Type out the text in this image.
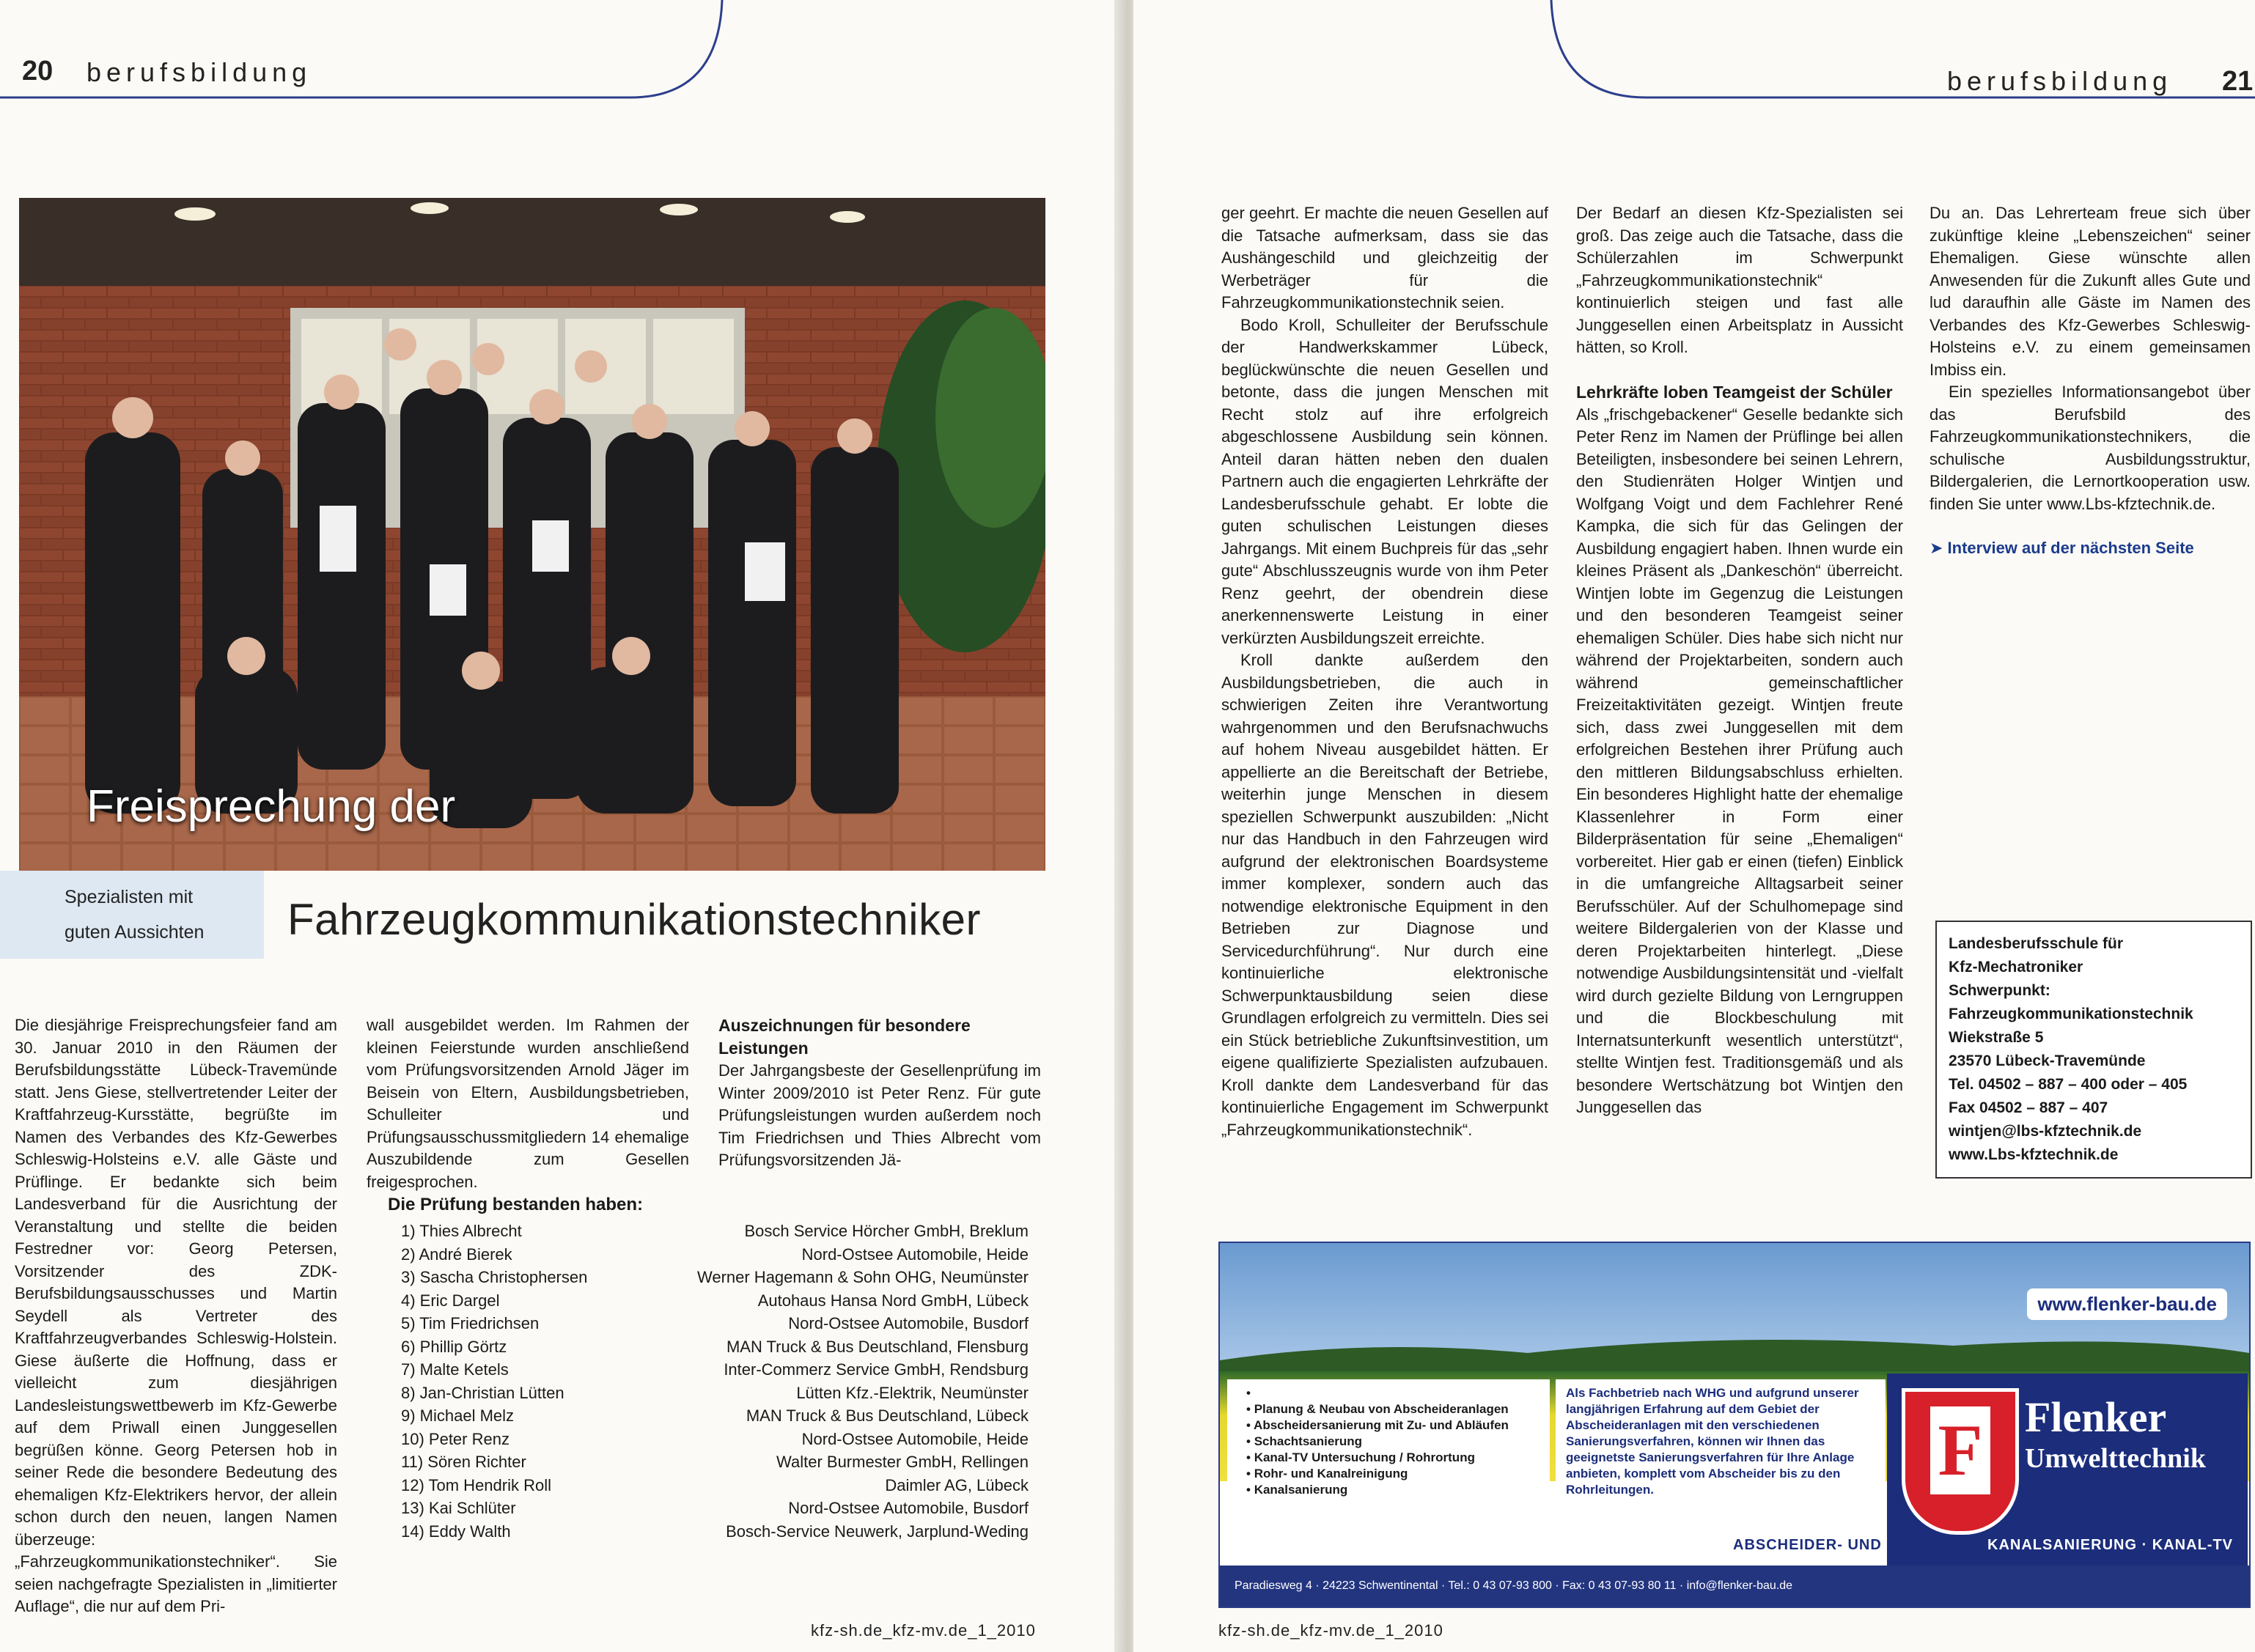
20 berufsbildung
Freisprechung der
Spezialisten mit
guten Aussichten Fahrzeugkommunikationstechniker

Die diesjährige Freisprechungsfeier fand am 30. Januar 2010 in den Räumen der Berufsbildungsstätte Lübeck-Travemünde statt. Jens Giese, stellvertretender Leiter der Kraftfahrzeug-Kursstätte, begrüßte im Namen des Verbandes des Kfz-Gewerbes Schleswig-Holsteins e.V. alle Gäste und Prüflinge. Er bedankte sich beim Landesverband für die Ausrichtung der Veranstaltung und stellte die beiden Festredner vor: Georg Petersen, Vorsitzender des ZDK-Berufsbildungsausschusses und Martin Seydell als Vertreter des Kraftfahrzeugverbandes Schleswig-Holstein. Giese äußerte die Hoffnung, dass er vielleicht zum diesjährigen Landesleistungswettbewerb im Kfz-Gewerbe auf dem Priwall einen Junggesellen begrüßen könne. Georg Petersen hob in seiner Rede die besondere Bedeutung des ehemaligen Kfz-Elektrikers hervor, der allein schon durch den neuen, langen Namen überzeuge: „Fahrzeugkommunikationstechniker“. Sie seien nachgefragte Spezialisten in „limitierter Auflage“, die nur auf dem Pri-

wall ausgebildet werden. Im Rahmen der kleinen Feierstunde wurden anschließend vom Prüfungsvorsitzenden Arnold Jäger im Beisein von Eltern, Ausbildungsbetrieben, Schulleiter und Prüfungsausschussmitgliedern 14 ehemalige Auszubildende zum Gesellen freigesprochen.

Auszeichnungen für besondere Leistungen

Der Jahrgangsbeste der Gesellenprüfung im Winter 2009/2010 ist Peter Renz. Für gute Prüfungsleistungen wurden außerdem noch Tim Friedrichsen und Thies Albrecht vom Prüfungsvorsitzenden Jä-

Die Prüfung bestanden haben:
1) Thies Albrecht	Bosch Service Hörcher GmbH, Breklum
2) André Bierek	Nord-Ostsee Automobile, Heide
3) Sascha Christophersen	Werner Hagemann & Sohn OHG, Neumünster
4) Eric Dargel	Autohaus Hansa Nord GmbH, Lübeck
5) Tim Friedrichsen	Nord-Ostsee Automobile, Busdorf
6) Phillip Görtz	MAN Truck & Bus Deutschland, Flensburg
7) Malte Ketels	Inter-Commerz Service GmbH, Rendsburg
8) Jan-Christian Lütten	Lütten Kfz.-Elektrik, Neumünster
9) Michael Melz	MAN Truck & Bus Deutschland, Lübeck
10) Peter Renz	Nord-Ostsee Automobile, Heide
11) Sören Richter	Walter Burmester GmbH, Rellingen
12) Tom Hendrik Roll	Daimler AG, Lübeck
13) Kai Schlüter	Nord-Ostsee Automobile, Busdorf
14) Eddy Walth	Bosch-Service Neuwerk, Jarplund-Weding
kfz-sh.de_kfz-mv.de_1_2010
berufsbildung 21

ger geehrt. Er machte die neuen Gesellen auf die Tatsache aufmerksam, dass sie das Aushängeschild und gleichzeitig der Werbeträger für die Fahrzeugkommunikationstechnik seien.

Bodo Kroll, Schulleiter der Berufsschule der Handwerkskammer Lübeck, beglückwünschte die neuen Gesellen und betonte, dass die jungen Menschen mit Recht stolz auf ihre erfolgreich abgeschlossene Ausbildung sein können. Anteil daran hätten neben den dualen Partnern auch die engagierten Lehrkräfte der Landesberufsschule gehabt. Er lobte die guten schulischen Leistungen dieses Jahrgangs. Mit einem Buchpreis für das „sehr gute“ Abschlusszeugnis wurde von ihm Peter Renz geehrt, der obendrein diese anerkennenswerte Leistung in einer verkürzten Ausbildungszeit erreichte.

Kroll dankte außerdem den Ausbildungsbetrieben, die auch in schwierigen Zeiten ihre Verantwortung wahrgenommen und den Berufsnachwuchs auf hohem Niveau ausgebildet hätten. Er appellierte an die Bereitschaft der Betriebe, weiterhin junge Menschen in diesem speziellen Schwerpunkt auszubilden: „Nicht nur das Handbuch in den Fahrzeugen wird aufgrund der elektronischen Boardsysteme immer komplexer, sondern auch das notwendige elektronische Equipment in den Betrieben zur Diagnose und Servicedurchführung“. Nur durch eine kontinuierliche elektronische Schwerpunktausbildung seien diese Grundlagen erfolgreich zu vermitteln. Dies sei ein Stück betriebliche Zukunftsinvestition, um eigene qualifizierte Spezialisten aufzubauen. Kroll dankte dem Landesverband für das kontinuierliche Engagement im Schwerpunkt „Fahrzeugkommunikationstechnik“.

Der Bedarf an diesen Kfz-Spezialisten sei groß. Das zeige auch die Tatsache, dass die Schülerzahlen im Schwerpunkt „Fahrzeugkommunikationstechnik“ kontinuierlich steigen und fast alle Junggesellen einen Arbeitsplatz in Aussicht hätten, so Kroll.

Lehrkräfte loben Teamgeist der Schüler

Als „frischgebackener“ Geselle bedankte sich Peter Renz im Namen der Prüflinge bei allen Beteiligten, insbesondere bei seinen Lehrern, den Studienräten Holger Wintjen und Wolfgang Voigt und dem Fachlehrer René Kampka, die sich für das Gelingen der Ausbildung engagiert haben. Ihnen wurde ein kleines Präsent als „Dankeschön“ überreicht. Wintjen lobte im Gegenzug die Leistungen und den besonderen Teamgeist seiner ehemaligen Schüler. Dies habe sich nicht nur während der Projektarbeiten, sondern auch während gemeinschaftlicher Freizeitaktivitäten gezeigt. Wintjen freute sich, dass zwei Junggesellen mit dem erfolgreichen Bestehen ihrer Prüfung auch den mittleren Bildungsabschluss erhielten. Ein besonderes Highlight hatte der ehemalige Klassenlehrer in Form einer Bilderpräsentation für seine „Ehemaligen“ vorbereitet. Hier gab er einen (tiefen) Einblick in die umfangreiche Alltagsarbeit seiner Berufsschüler. Auf der Schulhomepage sind weitere Bildergalerien von der Klasse und deren Projektarbeiten hinterlegt. „Diese notwendige Ausbildungsintensität und -vielfalt wird durch gezielte Bildung von Lerngruppen und die Blockbeschulung mit Internatsunterkunft wesentlich unterstützt“, stellte Wintjen fest. Traditionsgemäß und als besondere Wertschätzung bot Wintjen den Junggesellen das

Du an. Das Lehrerteam freue sich über zukünftige kleine „Lebenszeichen“ seiner Ehemaligen. Giese wünschte allen Anwesenden für die Zukunft alles Gute und lud daraufhin alle Gäste im Namen des Verbandes des Kfz-Gewerbes Schleswig-Holsteins e.V. zu einem gemeinsamen Imbiss ein.

Ein spezielles Informationsangebot über das Berufsbild des Fahrzeugkommunikationstechnikers, die schulische Ausbildungsstruktur, Bildergalerien, die Lernortkooperation usw. finden Sie unter www.Lbs-kfztechnik.de.

➤ Interview auf der nächsten Seite

Landesberufsschule für
Kfz-Mechatroniker
Schwerpunkt:
Fahrzeugkommunikationstechnik
Wiekstraße 5
23570 Lübeck-Travemünde
Tel. 04502 – 887 – 400 oder – 405
Fax 04502 – 887 – 407
wintjen@lbs-kfztechnik.de
www.Lbs-kfztechnik.de
www.flenker-bau.de
• • Planung & Neubau von Abscheideranlagen
• Abscheidersanierung mit Zu- und Abläufen
• Schachtsanierung
• Kanal-TV Untersuchung / Rohrortung
• Rohr- und Kanalreinigung
• Kanalsanierung
Als Fachbetrieb nach WHG und aufgrund unserer langjährigen Erfahrung auf dem Gebiet der Abscheideranlagen mit den verschiedenen Sanierungsverfahren, können wir Ihnen das geeignetste Sanierungsverfahren für Ihre Anlage anbieten, komplett vom Abscheider bis zu den Rohrleitungen.	F Flenker
Umwelttechnik
ABSCHEIDER- UND	KANALSANIERUNG · KANAL-TV
Paradiesweg 4 · 24223 Schwentinental · Tel.: 0 43 07-93 800 · Fax: 0 43 07-93 80 11 · info@flenker-bau.de
kfz-sh.de_kfz-mv.de_1_2010
